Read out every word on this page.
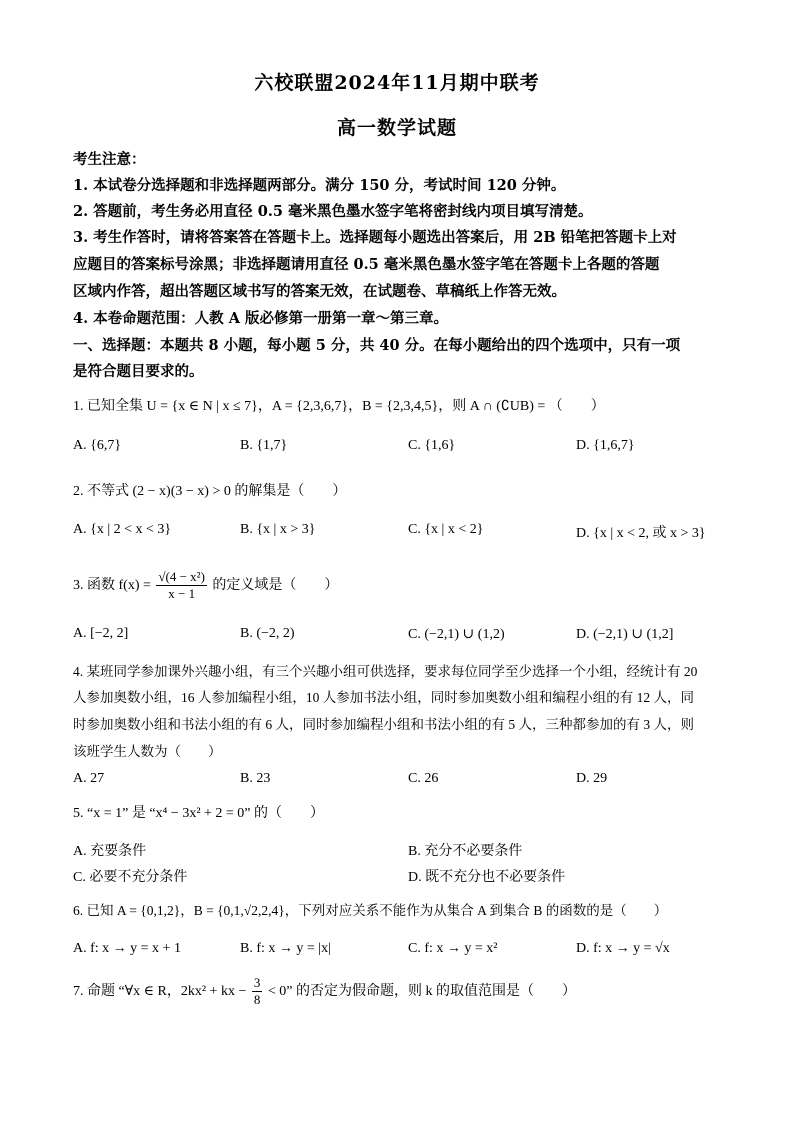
六校联盟2024年11月期中联考
高一数学试题
考生注意：
1. 本试卷分选择题和非选择题两部分。满分 150 分，考试时间 120 分钟。
2. 答题前，考生务必用直径 0.5 毫米黑色墨水签字笔将密封线内项目填写清楚。
3. 考生作答时，请将答案答在答题卡上。选择题每小题选出答案后，用 2B 铅笔把答题卡上对
应题目的答案标号涂黑；非选择题请用直径 0.5 毫米黑色墨水签字笔在答题卡上各题的答题
区域内作答，超出答题区域书写的答案无效，在试题卷、草稿纸上作答无效。
4. 本卷命题范围：人教 A 版必修第一册第一章～第三章。
一、选择题：本题共 8 小题，每小题 5 分，共 40 分。在每小题给出的四个选项中，只有一项
是符合题目要求的。
1. 已知全集 U = {x ∈ N | x ≤ 7}，A = {2,3,6,7}，B = {2,3,4,5}，则 A ∩ (∁UB) = （　　）
A. {6,7}	B. {1,7}	C. {1,6}	D. {1,6,7}
2. 不等式 (2 − x)(3 − x) > 0 的解集是（　　）
A. {x | 2 < x < 3}	B. {x | x > 3}	C. {x | x < 2}	D. {x | x < 2, 或 x > 3}
3. 函数 $f(x) = \frac{\text{√(4 − x²)}}{x - 1}$ 的定义域是（　　）
A. [−2, 2]	B. (−2, 2)	C. (−2,1) ∪ (1,2)	D. (−2,1) ∪ (1,2]
4. 某班同学参加课外兴趣小组，有三个兴趣小组可供选择，要求每位同学至少选择一个小组，经统计有 20
人参加奥数小组，16 人参加编程小组，10 人参加书法小组，同时参加奥数小组和编程小组的有 12 人，同
时参加奥数小组和书法小组的有 6 人，同时参加编程小组和书法小组的有 5 人，三种都参加的有 3 人，则
该班学生人数为（　　）
A. 27	B. 23	C. 26	D. 29
5. “x = 1” 是 “x⁴ − 3x² + 2 = 0” 的（　　）
A. 充要条件	B. 充分不必要条件
C. 必要不充分条件	D. 既不充分也不必要条件
6. 已知 A = {0,1,2}，B = {0,1,√2,2,4}，下列对应关系不能作为从集合 A 到集合 B 的函数的是（　　）
A. f: x → y = x + 1	B. f: x → y = |x|	C. f: x → y = x²	D. f: x → y = √x
7. 命题 “∀x ∈ R，2kx² + kx − $\frac{3}{8} < 0$” 的否定为假命题，则 k 的取值范围是（　　）
